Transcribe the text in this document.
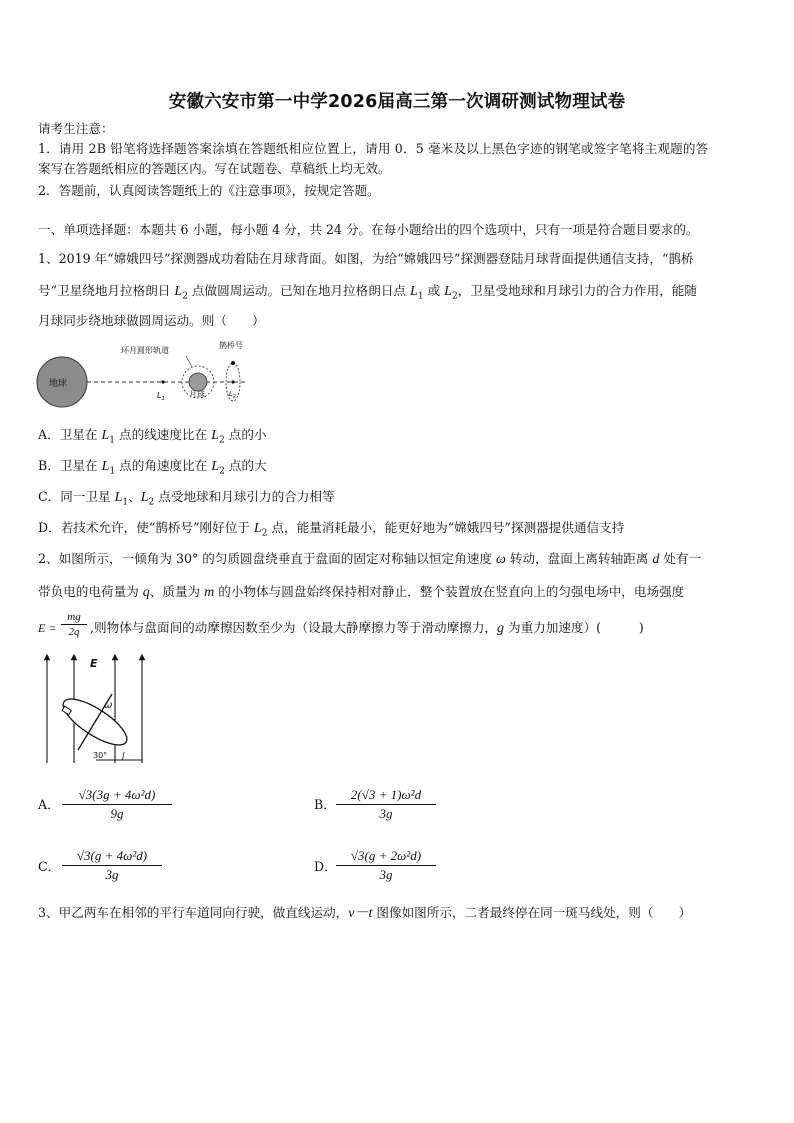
安徽六安市第一中学2026届高三第一次调研测试物理试卷
请考生注意：
1．请用 2B 铅笔将选择题答案涂填在答题纸相应位置上，请用 0．5 毫米及以上黑色字迹的钢笔或签字笔将主观题的答
案写在答题纸相应的答题区内。写在试题卷、草稿纸上均无效。
2．答题前，认真阅读答题纸上的《注意事项》，按规定答题。
一、单项选择题：本题共 6 小题，每小题 4 分，共 24 分。在每小题给出的四个选项中，只有一项是符合题目要求的。
1、2019 年“嫦娥四号”探测器成功着陆在月球背面。如图，为给“嫦娥四号”探测器登陆月球背面提供通信支持，“鹊桥
号”卫星绕地月拉格朗日 $L_2$ 点做圆周运动。已知在地月拉格朗日点 $L_1$ 或 $L_2$，卫星受地球和月球引力的合力作用，能随
月球同步绕地球做圆周运动。则（　　）
地球
$L_1$	月球
环月圆形轨道
鹊桥号
$L_2$
A．卫星在 $L_1$ 点的线速度比在 $L_2$ 点的小
B．卫星在 $L_1$ 点的角速度比在 $L_2$ 点的大
C．同一卫星 $L_1$、$L_2$ 点受地球和月球引力的合力相等
D．若技术允许，使“鹊桥号”刚好位于 $L_2$ 点，能量消耗最小，能更好地为“嫦娥四号”探测器提供通信支持
2、如图所示，一倾角为 30° 的匀质圆盘绕垂直于盘面的固定对称轴以恒定角速度 ω 转动，盘面上离转轴距离 d 处有一
带负电的电荷量为 q、质量为 m 的小物体与圆盘始终保持相对静止．整个装置放在竖直向上的匀强电场中，电场强度
$E = \frac{mg}{2q}$ ,则物体与盘面间的动摩擦因数至少为（设最大静摩擦力等于滑动摩擦力，g 为重力加速度）(　　　)
E
ω
30°
A． $\frac{\text{√3(3g + 4ω²d)}}{9g}$	B． $\frac{\text{2(√3 + 1)ω²d}}{3g}$
C． $\frac{\text{√3(g + 4ω²d)}}{3g}$	D． $\frac{\text{√3(g + 2ω²d)}}{3g}$
3、甲乙两车在相邻的平行车道同向行驶，做直线运动，v－t 图像如图所示，二者最终停在同一斑马线处，则（　　）
